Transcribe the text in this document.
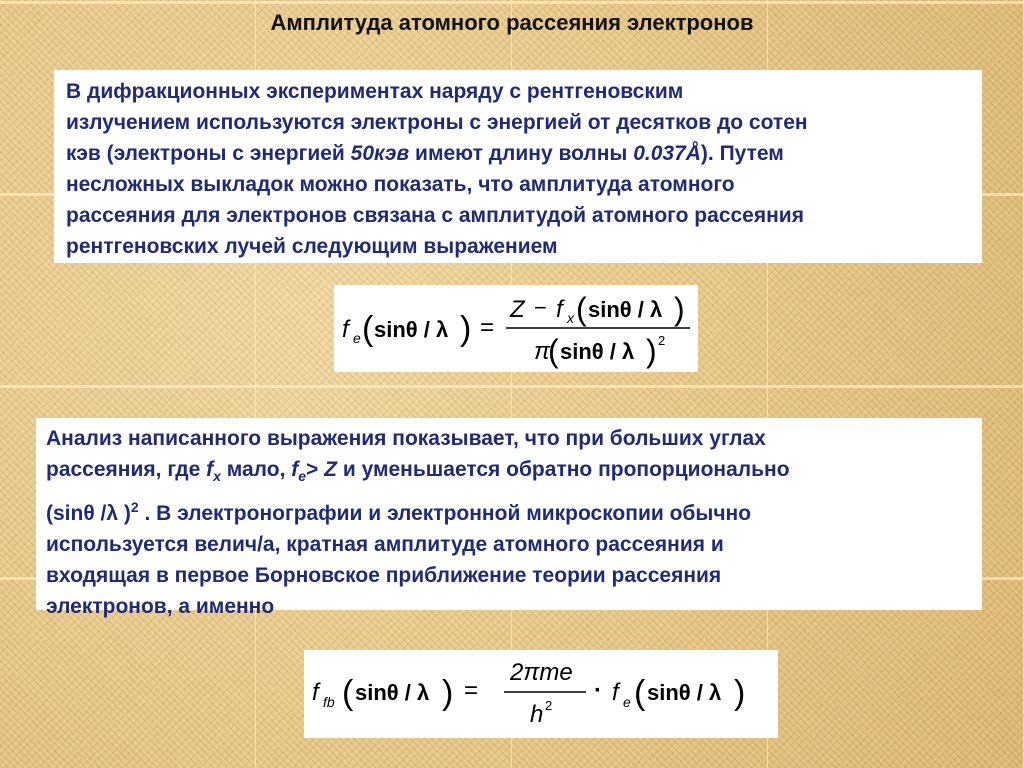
Амплитуда атомного рассеяния электронов
В дифракционных экспериментах наряду с рентгеновским
излучением используются электроны с энергией от десятков до сотен
кэв (электроны с энергией 50кэв имеют длину волны 0.037Å). Путем
несложных выкладок можно показать, что амплитуда атомного
рассеяния для электронов связана с амплитудой атомного рассеяния
рентгеновских лучей следующим выражением
f e ( sinθ / λ ) =
Z − f x ( sinθ / λ )
π
( sinθ / λ ) 2
Анализ написанного выражения показывает, что при больших углах
рассеяния, где $f_x$ мало, $f_e> Z$ и уменьшается обратно пропорционально
(sinθ /λ )$^2$ . В электронографии и электронной микроскопии обычно
используется велич/а, кратная амплитуде атомного рассеяния и
входящая в первое Борновское приближение теории рассеяния
электронов, а именно
f fb ( sinθ / λ ) =
2πme
h 2
· f e ( sinθ / λ )
